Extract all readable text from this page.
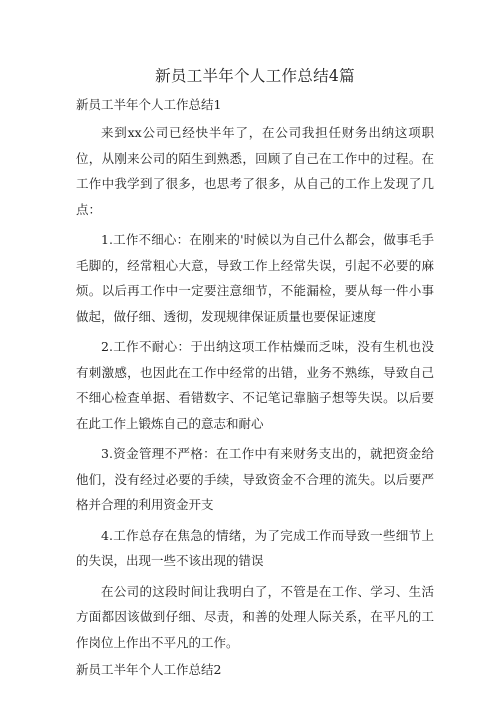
新员工半年个人工作总结4篇
新员工半年个人工作总结1

来到xx公司已经快半年了，在公司我担任财务出纳这项职位，从刚来公司的陌生到熟悉，回顾了自己在工作中的过程。在工作中我学到了很多，也思考了很多，从自己的工作上发现了几点：

1.工作不细心：在刚来的'时候以为自己什么都会，做事毛手毛脚的，经常粗心大意，导致工作上经常失误，引起不必要的麻烦。以后再工作中一定要注意细节，不能漏检，要从每一件小事做起，做仔细、透彻，发现规律保证质量也要保证速度

2.工作不耐心：于出纳这项工作枯燥而乏味，没有生机也没有刺激感，也因此在工作中经常的出错，业务不熟练，导致自己不细心检查单据、看错数字、不记笔记靠脑子想等失误。以后要在此工作上锻炼自己的意志和耐心

3.资金管理不严格：在工作中有来财务支出的，就把资金给他们，没有经过必要的手续，导致资金不合理的流失。以后要严格并合理的利用资金开支

4.工作总存在焦急的情绪，为了完成工作而导致一些细节上的失误，出现一些不该出现的错误

在公司的这段时间让我明白了，不管是在工作、学习、生活方面都因该做到仔细、尽责，和善的处理人际关系，在平凡的工作岗位上作出不平凡的工作。

新员工半年个人工作总结2
